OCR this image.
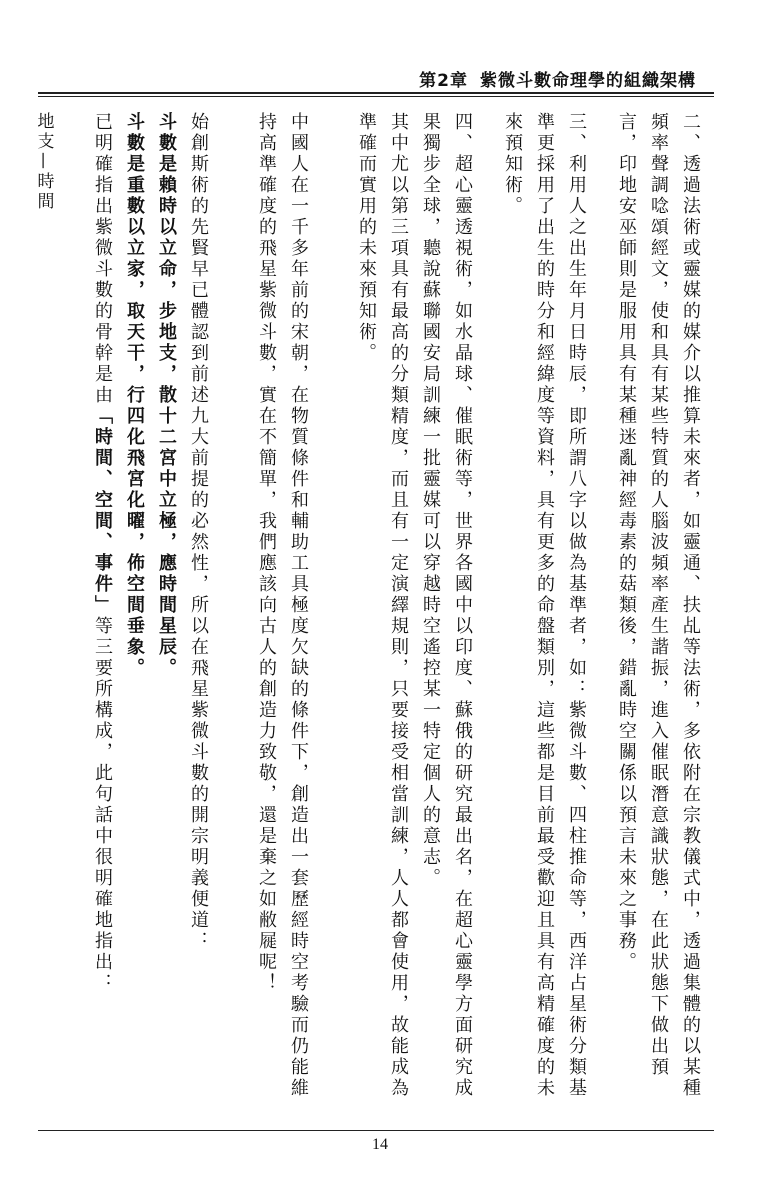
第2章 紫微斗數命理學的組織架構

二、透過法術或靈媒的媒介以推算未來者，如靈通、扶乩等法術，多依附在宗教儀式中，透過集體的以某種頻率聲調唸頌經文，使和具有某些特質的人腦波頻率產生諧振，進入催眠潛意識狀態，在此狀態下做出預言，印地安巫師則是服用具有某種迷亂神經毒素的菇類後，錯亂時空關係以預言未來之事務。

三、利用人之出生年月日時辰，即所謂八字以做為基準者，如：紫微斗數、四柱推命等，西洋占星術分類基準更採用了出生的時分和經緯度等資料，具有更多的命盤類別，這些都是目前最受歡迎且具有高精確度的未來預知術。

四、超心靈透視術，如水晶球、催眠術等，世界各國中以印度、蘇俄的研究最出名，在超心靈學方面研究成果獨步全球，聽說蘇聯國安局訓練一批靈媒可以穿越時空遙控某一特定個人的意志。

其中尤以第三項具有最高的分類精度，而且有一定演繹規則，只要接受相當訓練，人人都會使用，故能成為準確而實用的未來預知術。

中國人在一千多年前的宋朝，在物質條件和輔助工具極度欠缺的條件下，創造出一套歷經時空考驗而仍能維持高準確度的飛星紫微斗數，實在不簡單，我們應該向古人的創造力致敬，還是棄之如敝屣呢！

始創斯術的先賢早已體認到前述九大前提的必然性，所以在飛星紫微斗數的開宗明義便道：

斗數是賴時以立命，步地支，散十二宮中立極，應時間星辰。

斗數是重數以立家，取天干，行四化飛宮化曜，佈空間垂象。

已明確指出紫微斗數的骨幹是由「時間、空間、事件」等三要所構成，此句話中很明確地指出：

地支—時間

14
